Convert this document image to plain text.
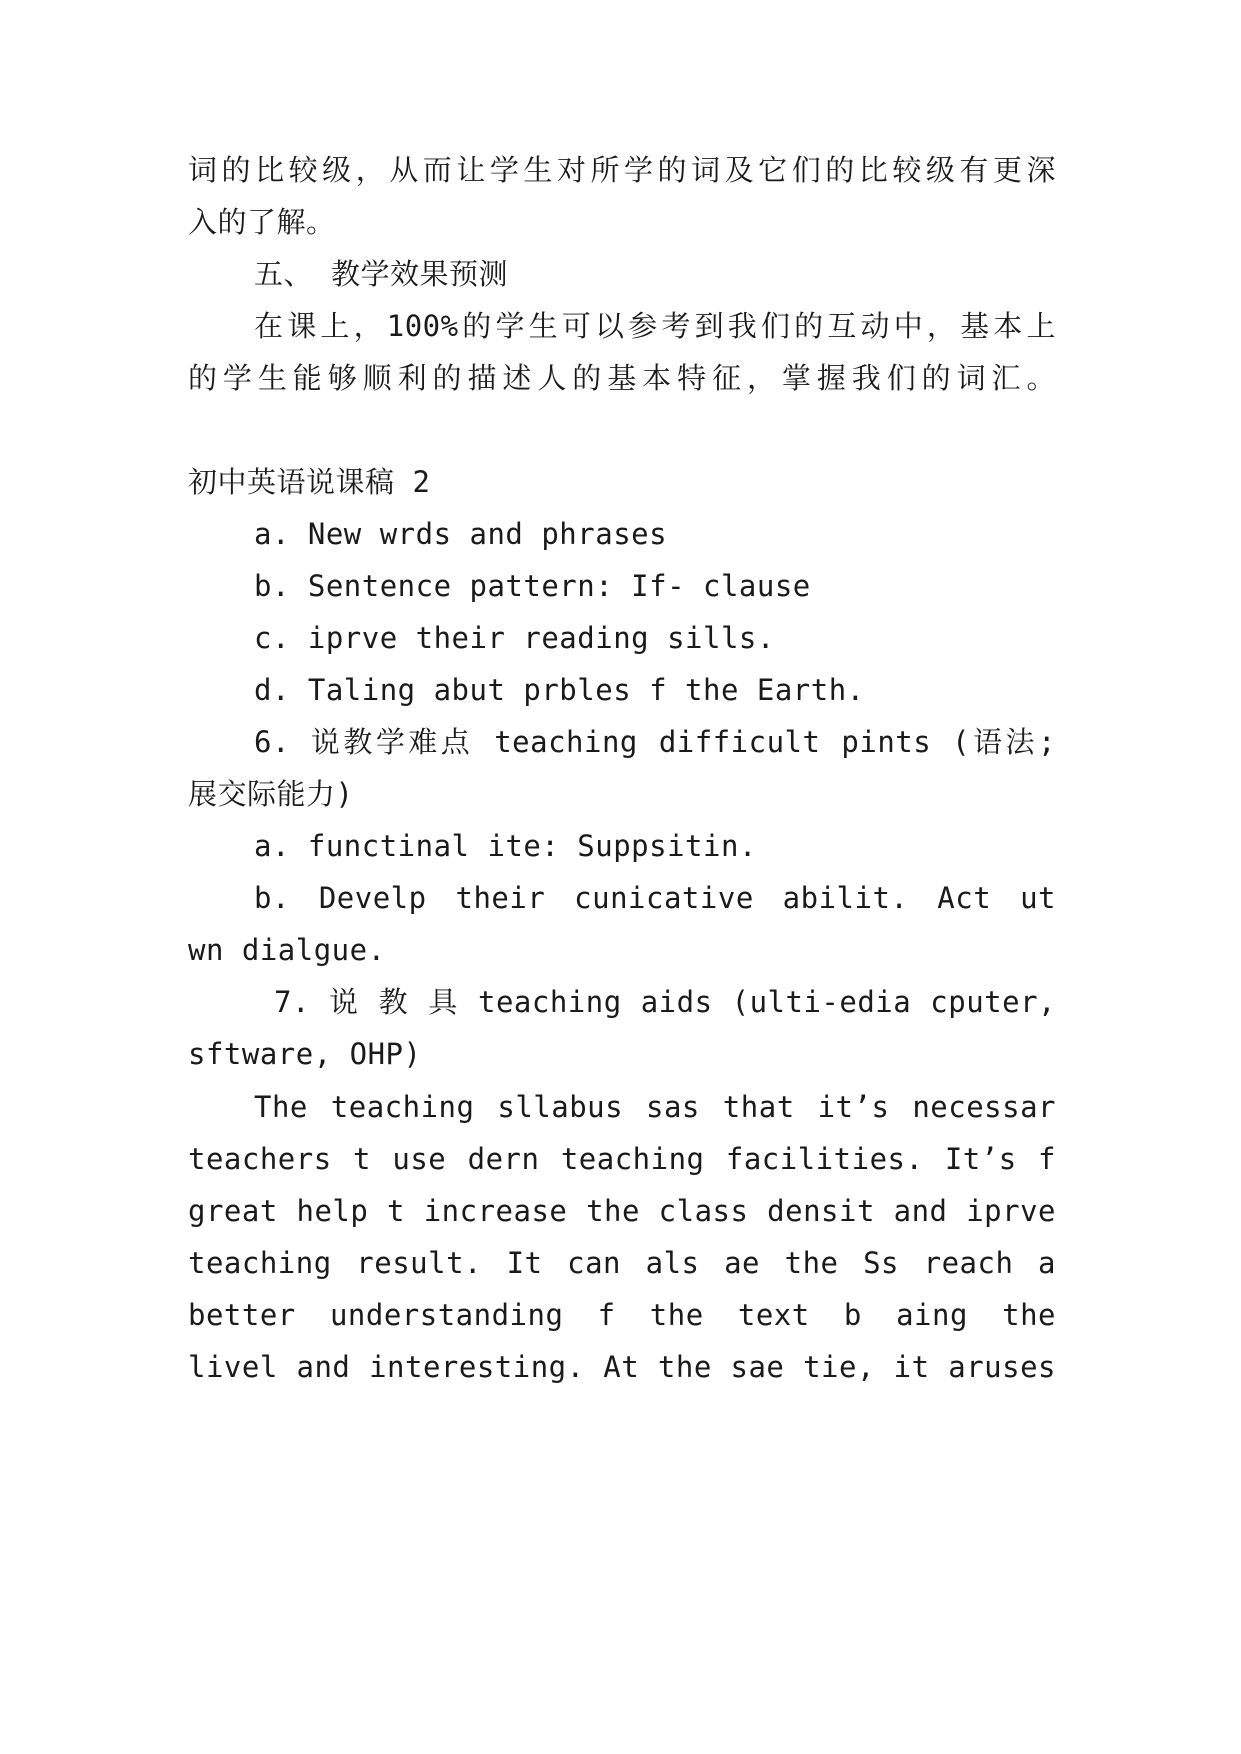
词的比较级，从而让学生对所学的词及它们的比较级有更深
入的了解。
五、 教学效果预测
在课上，100%的学生可以参考到我们的互动中，基本上
的学生能够顺利的描述人的基本特征，掌握我们的词汇。
初中英语说课稿 2
a. New wrds and phrases
b. Sentence pattern: If- clause
c. iprve their reading sills.
d. Taling abut prbles f the Earth.
6. 说教学难点 teaching difficult pints (语法;
展交际能力)
a. functinal ite: Suppsitin.
b. Develp their cunicative abilit. Act ut
wn dialgue.
7. 说 教 具 teaching aids (ulti-edia cputer,
sftware, OHP)
The teaching sllabus sas that it’s necessar
teachers t use dern teaching facilities. It’s f
great help t increase the class densit and iprve
teaching result. It can als ae the Ss reach a
better understanding f the text b aing the
livel and interesting. At the sae tie, it aruses
